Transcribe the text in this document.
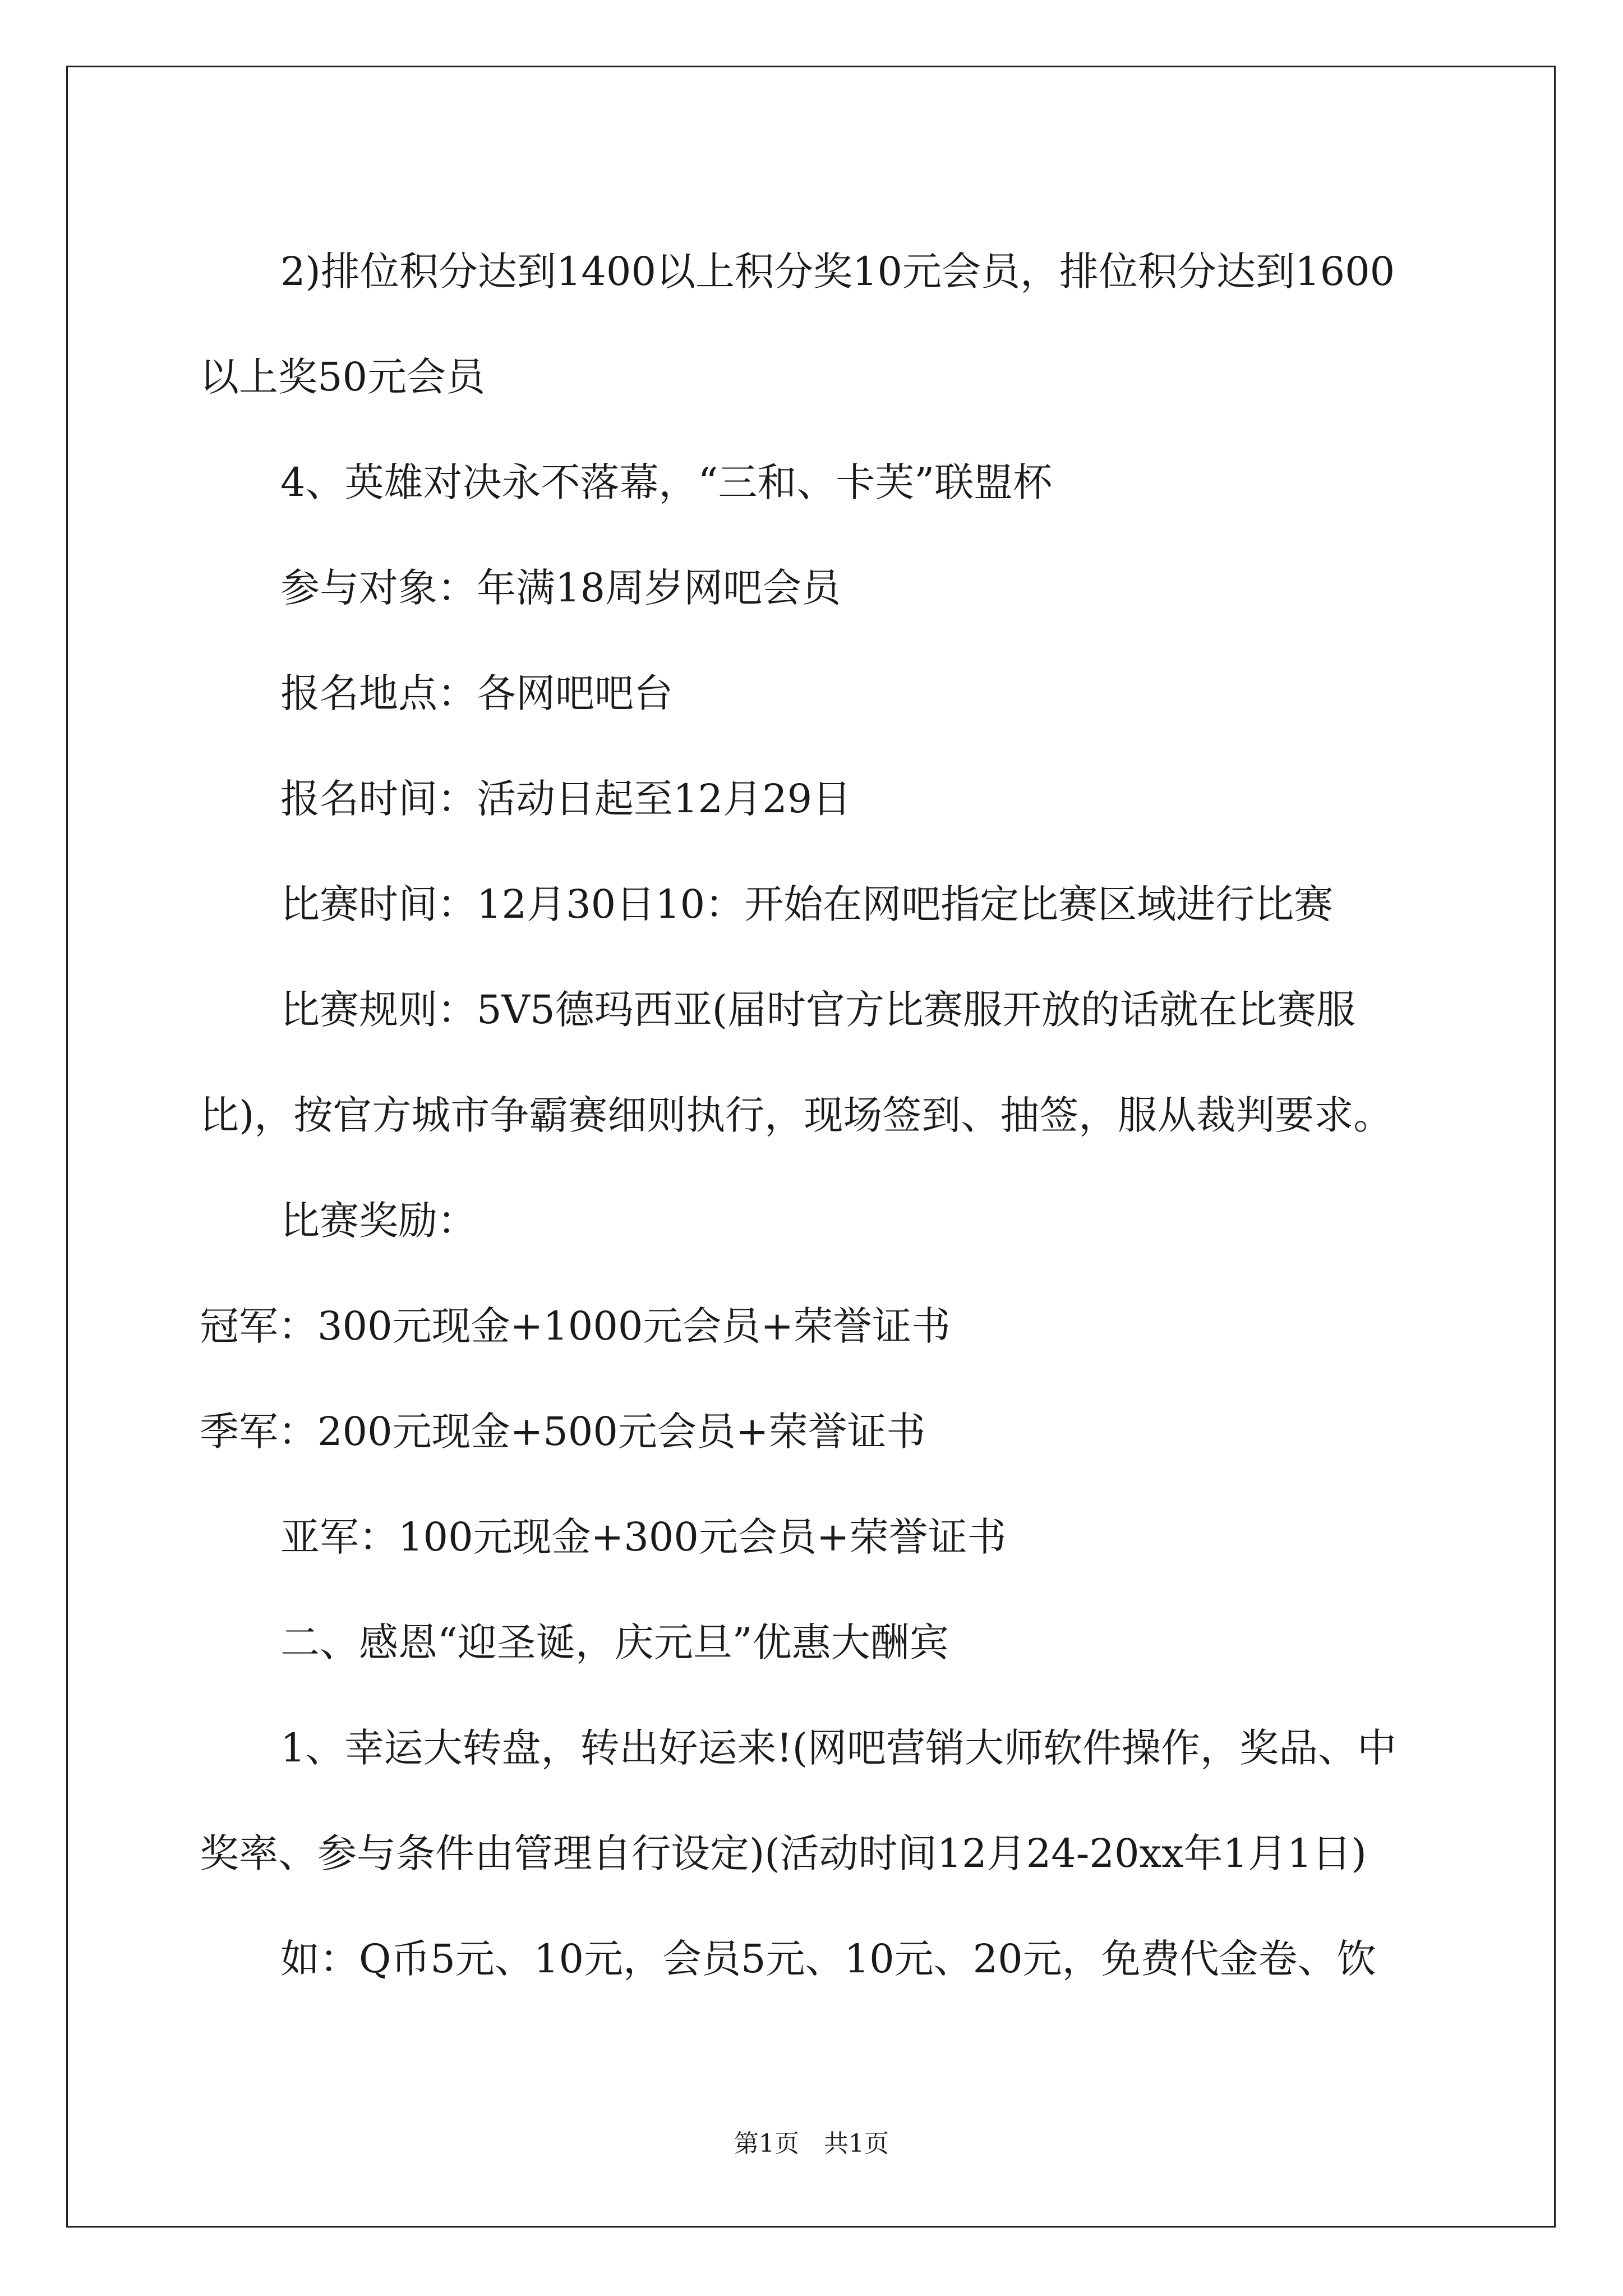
2)排位积分达到1400以上积分奖10元会员，排位积分达到1600以上奖50元会员

4、英雄对决永不落幕，“三和、卡芙”联盟杯

参与对象：年满18周岁网吧会员

报名地点：各网吧吧台

报名时间：活动日起至12月29日

比赛时间：12月30日10：开始在网吧指定比赛区域进行比赛

比赛规则：5V5德玛西亚(届时官方比赛服开放的话就在比赛服比)，按官方城市争霸赛细则执行，现场签到、抽签，服从裁判要求。

比赛奖励：

冠军：300元现金+1000元会员+荣誉证书

季军：200元现金+500元会员+荣誉证书

亚军：100元现金+300元会员+荣誉证书

二、感恩“迎圣诞，庆元旦”优惠大酬宾

1、幸运大转盘，转出好运来!(网吧营销大师软件操作，奖品、中奖率、参与条件由管理自行设定)(活动时间12月24-20xx年1月1日)

如：Q币5元、10元，会员5元、10元、20元，免费代金卷、饮

第1页　共1页
